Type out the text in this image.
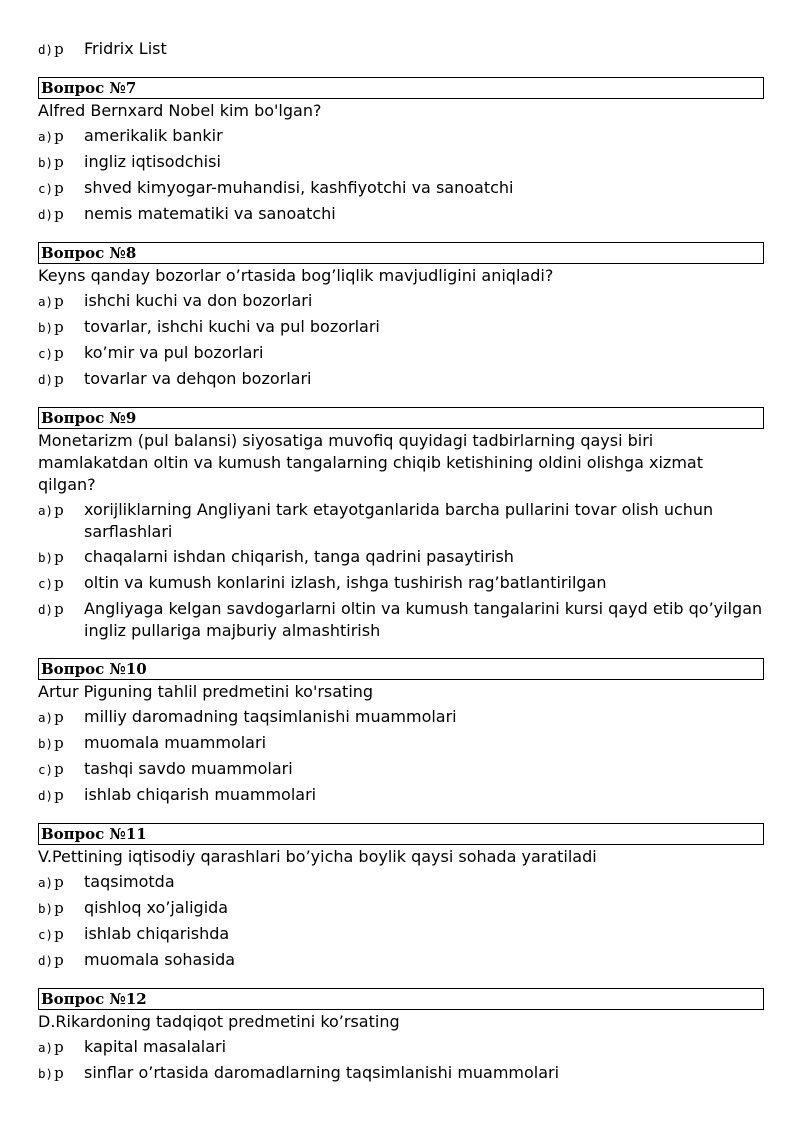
d)p	Fridrix List
Вопрос №7
Alfred Bernxard Nobel kim bo'lgan?
a)p	amerikalik bankir
b)p	ingliz iqtisodchisi
c)p	shved kimyogar-muhandisi, kashfiyotchi va sanoatchi
d)p	nemis matematiki va sanoatchi
Вопрос №8
Keyns qanday bozorlar o’rtasida bog’liqlik mavjudligini aniqladi?
a)p	ishchi kuchi va don bozorlari
b)p	tovarlar, ishchi kuchi va pul bozorlari
c)p	ko’mir va pul bozorlari
d)p	tovarlar va dehqon bozorlari
Вопрос №9
Monetarizm (pul balansi) siyosatiga muvofiq quyidagi tadbirlarning qaysi biri mamlakatdan oltin va kumush tangalarning chiqib ketishining oldini olishga xizmat qilgan?
a)p	xorijliklarning Angliyani tark etayotganlarida barcha pullarini tovar olish uchun sarflashlari
b)p	chaqalarni ishdan chiqarish, tanga qadrini pasaytirish
c)p	oltin va kumush konlarini izlash, ishga tushirish rag’batlantirilgan
d)p	Angliyaga kelgan savdogarlarni oltin va kumush tangalarini kursi qayd etib qo’yilgan ingliz pullariga majburiy almashtirish
Вопрос №10
Artur Piguning tahlil predmetini ko'rsating
a)p	milliy daromadning taqsimlanishi muammolari
b)p	muomala muammolari
c)p	tashqi savdo muammolari
d)p	ishlab chiqarish muammolari
Вопрос №11
V.Pettining iqtisodiy qarashlari bo’yicha boylik qaysi sohada yaratiladi
a)p	taqsimotda
b)p	qishloq xo’jaligida
c)p	ishlab chiqarishda
d)p	muomala sohasida
Вопрос №12
D.Rikardoning tadqiqot predmetini ko’rsating
a)p	kapital masalalari
b)p	sinflar o’rtasida daromadlarning taqsimlanishi muammolari
